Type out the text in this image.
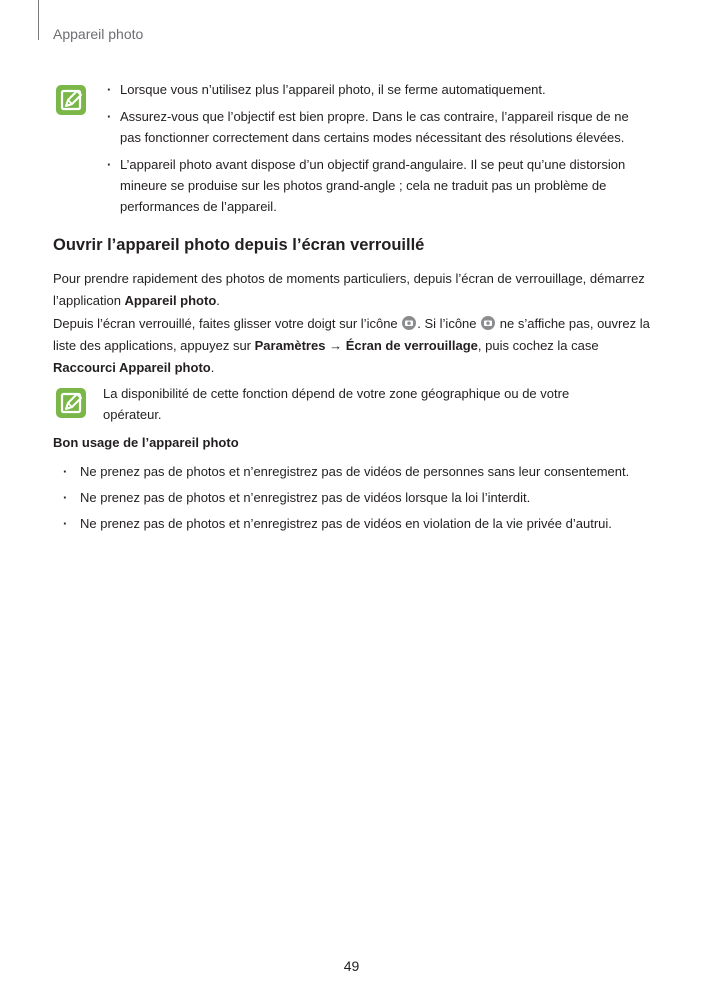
Appareil photo
· Lorsque vous n’utilisez plus l’appareil photo, il se ferme automatiquement.
· Assurez-vous que l’objectif est bien propre. Dans le cas contraire, l’appareil risque de ne pas fonctionner correctement dans certains modes nécessitant des résolutions élevées.
· L’appareil photo avant dispose d’un objectif grand-angulaire. Il se peut qu’une distorsion mineure se produise sur les photos grand-angle ; cela ne traduit pas un problème de performances de l’appareil.
Ouvrir l’appareil photo depuis l’écran verrouillé

Pour prendre rapidement des photos de moments particuliers, depuis l’écran de verrouillage, démarrez l’application Appareil photo.

Depuis l’écran verrouillé, faites glisser votre doigt sur l’icône
. Si l’icône
ne s’affiche pas, ouvrez la liste des applications, appuyez sur Paramètres → Écran de verrouillage, puis cochez la case Raccourci Appareil photo.

La disponibilité de cette fonction dépend de votre zone géographique ou de votre opérateur.

Bon usage de l’appareil photo
· Ne prenez pas de photos et n’enregistrez pas de vidéos de personnes sans leur consentement.
· Ne prenez pas de photos et n’enregistrez pas de vidéos lorsque la loi l’interdit.
· Ne prenez pas de photos et n’enregistrez pas de vidéos en violation de la vie privée d’autrui.
49
